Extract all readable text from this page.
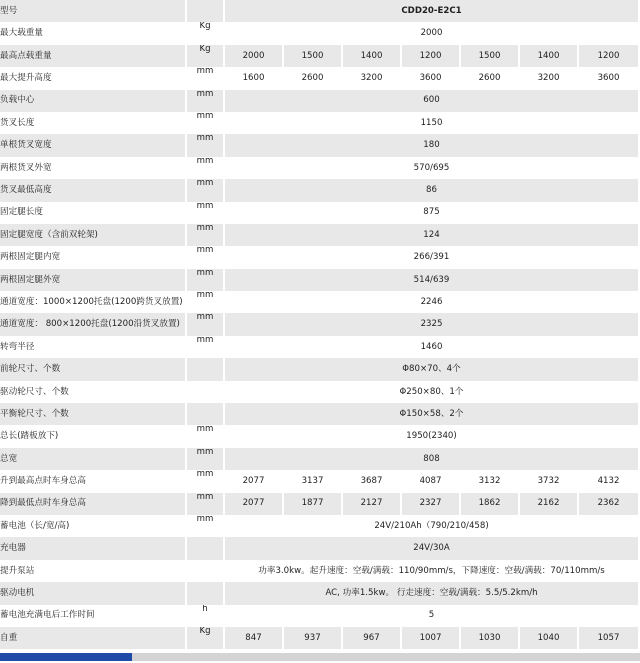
型号		CDD20-E2C1						
最大载重量	Kg	2000						
最高点载重量	Kg	2000	1500	1400	1200	1500	1400	1200
最大提升高度	mm	1600	2600	3200	3600	2600	3200	3600
负载中心	mm	600						
货叉长度	mm	1150						
单根货叉宽度	mm	180						
两根货叉外宽	mm	570/695						
货叉最低高度	mm	86						
固定腿长度	mm	875						
固定腿宽度（含前双轮架)	mm	124						
两根固定腿内宽	mm	266/391						
两根固定腿外宽	mm	514/639						
通道宽度：1000×1200托盘(1200跨货叉放置)	mm	2246						
通道宽度： 800×1200托盘(1200沿货叉放置)	mm	2325						
转弯半径	mm	1460						
前轮尺寸、个数		Φ80×70、4个						
驱动轮尺寸、个数		Φ250×80、1个						
平衡轮尺寸、个数		Φ150×58、2个						
总长(踏板放下)	mm	1950(2340)						
总宽	mm	808						
升到最高点时车身总高	mm	2077	3137	3687	4087	3132	3732	4132
降到最低点时车身总高	mm	2077	1877	2127	2327	1862	2162	2362
蓄电池（长/宽/高)	mm	24V/210Ah（790/210/458)						
充电器		24V/30A						
提升泵站		功率3.0kw。起升速度：空载/满载：110/90mm/s，下降速度：空载/满载：70/110mm/s						
驱动电机		AC, 功率1.5kw。 行走速度：空载/满载：5.5/5.2km/h						
蓄电池充满电后工作时间	h	5						
自重	Kg	847	937	967	1007	1030	1040	1057
